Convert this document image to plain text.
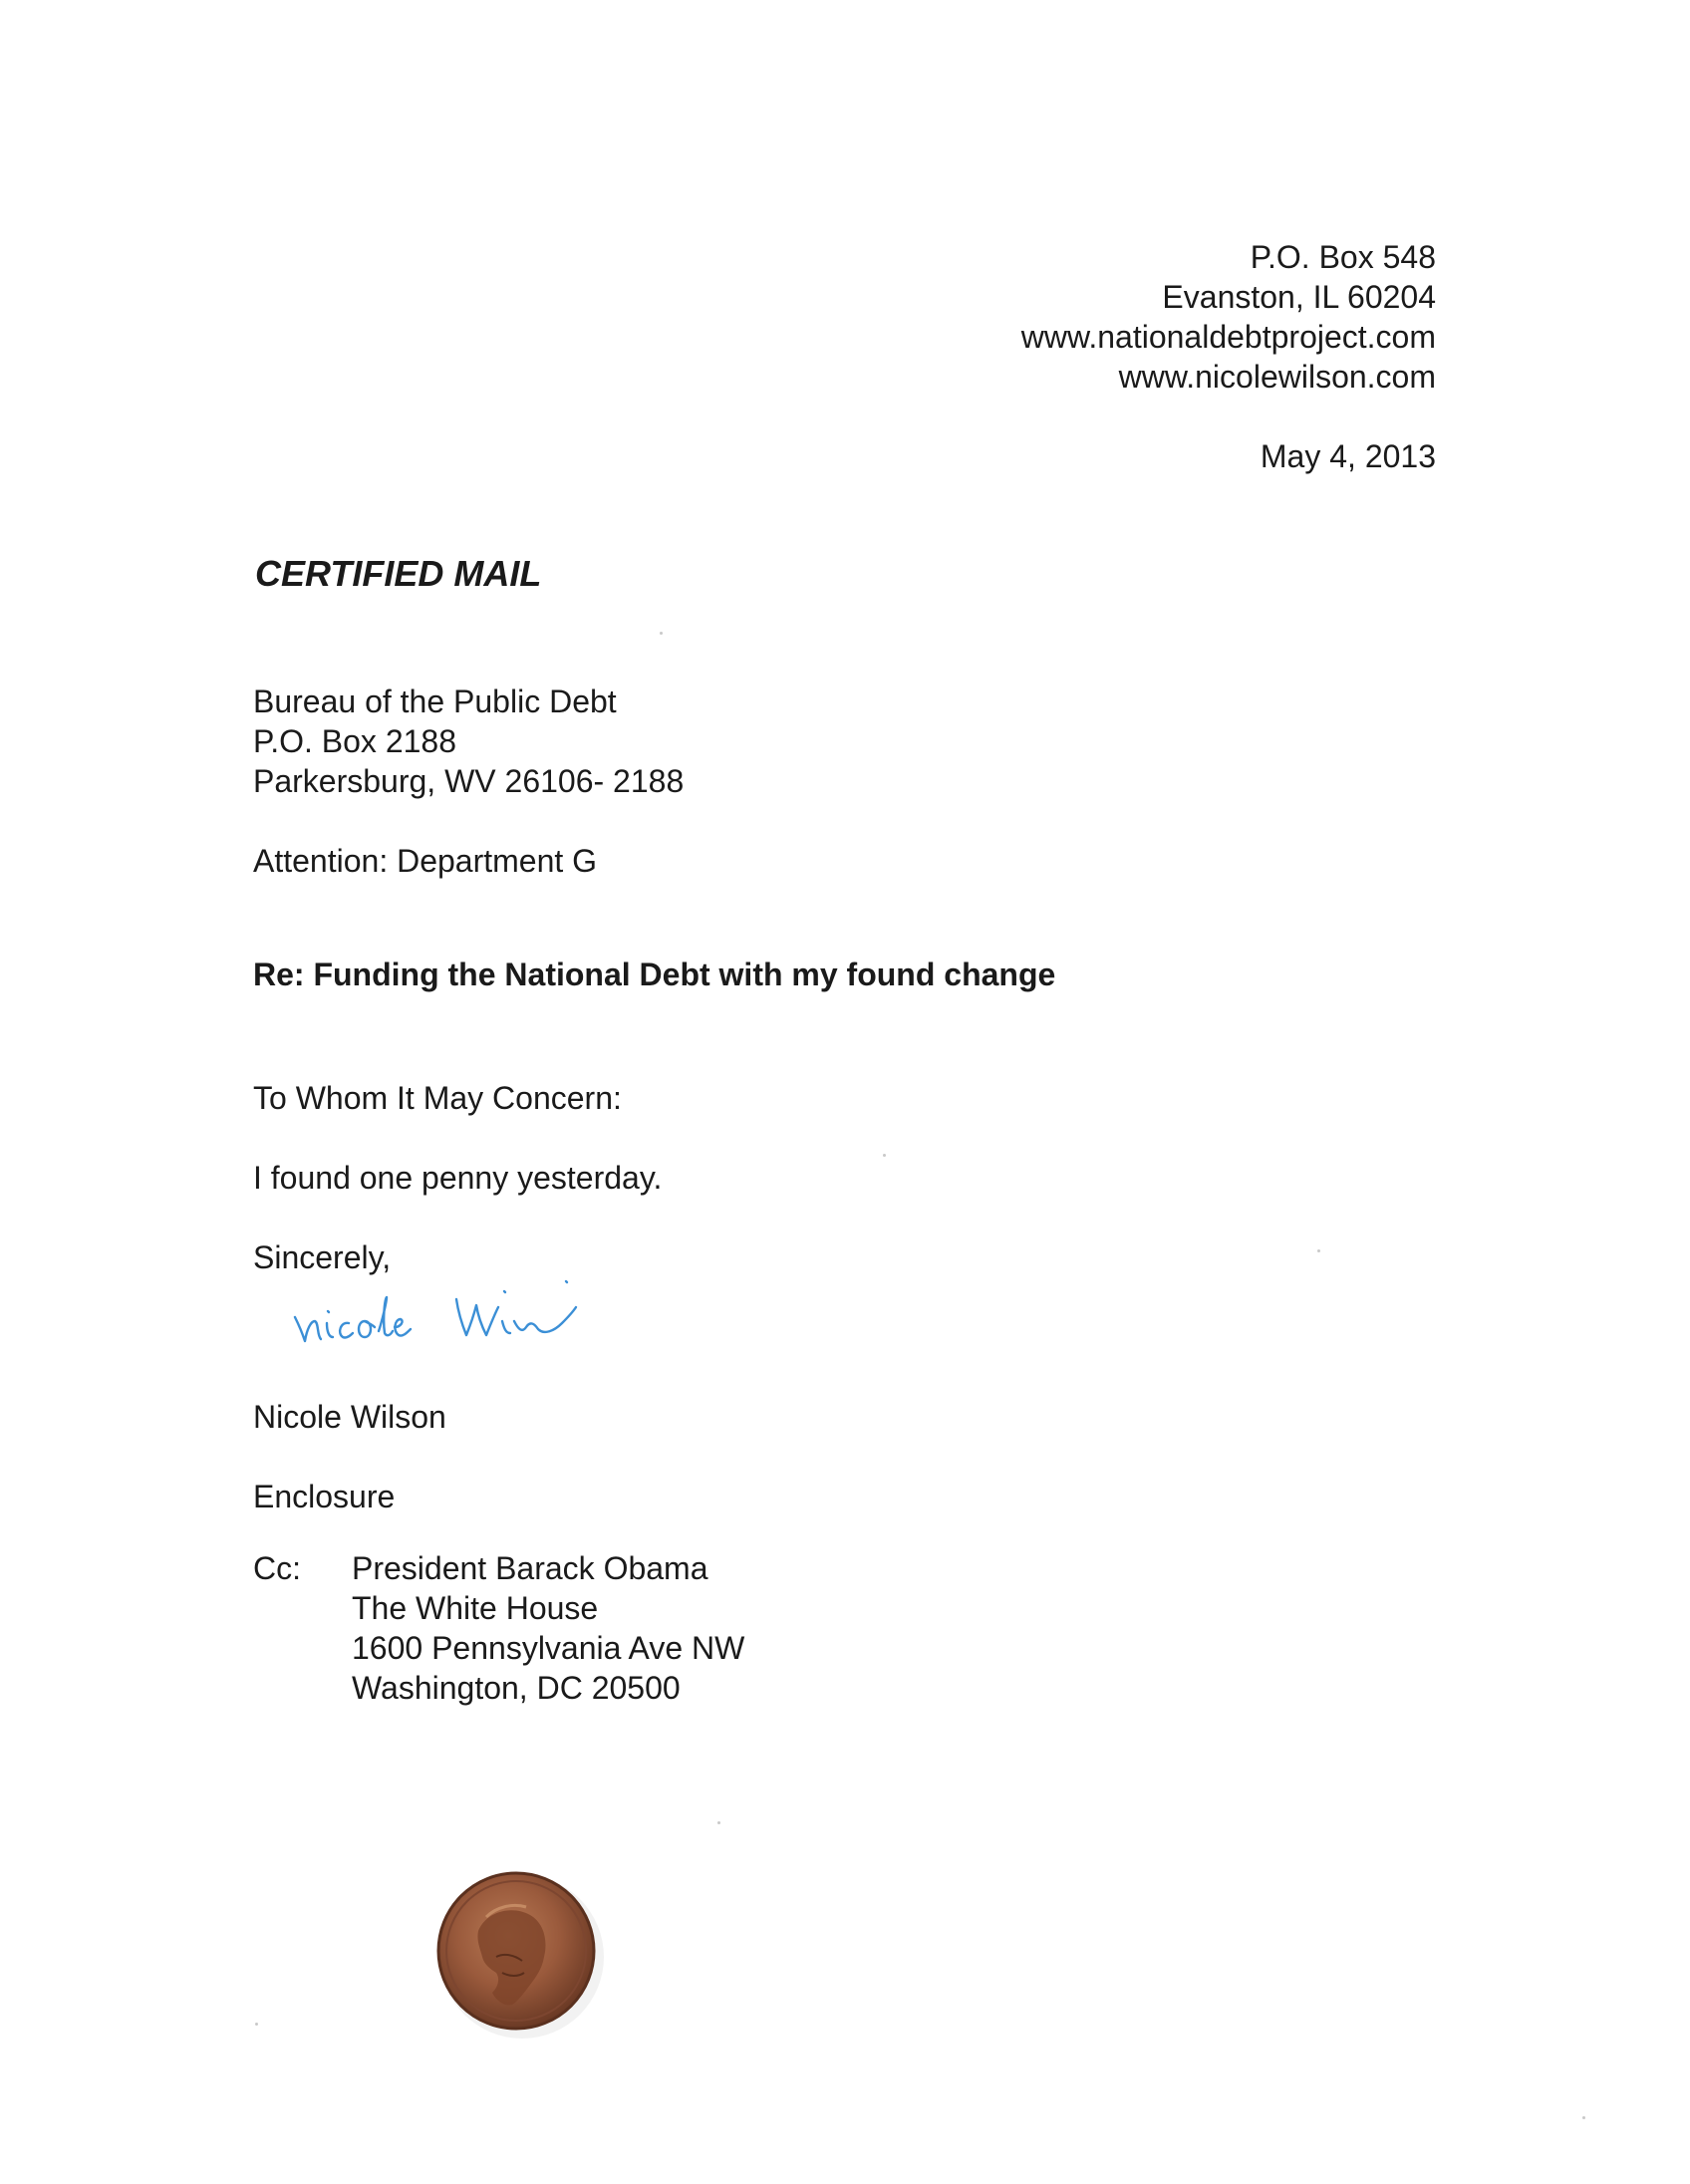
P.O. Box 548
Evanston, IL 60204
www.nationaldebtproject.com
www.nicolewilson.com
May 4, 2013
CERTIFIED MAIL
Bureau of the Public Debt
P.O. Box 2188
Parkersburg, WV 26106- 2188
Attention: Department G
Re: Funding the National Debt with my found change
To Whom It May Concern:
I found one penny yesterday.
Sincerely,
Nicole Wilson
Enclosure
Cc: President Barack Obama
The White House
1600 Pennsylvania Ave NW
Washington, DC 20500
